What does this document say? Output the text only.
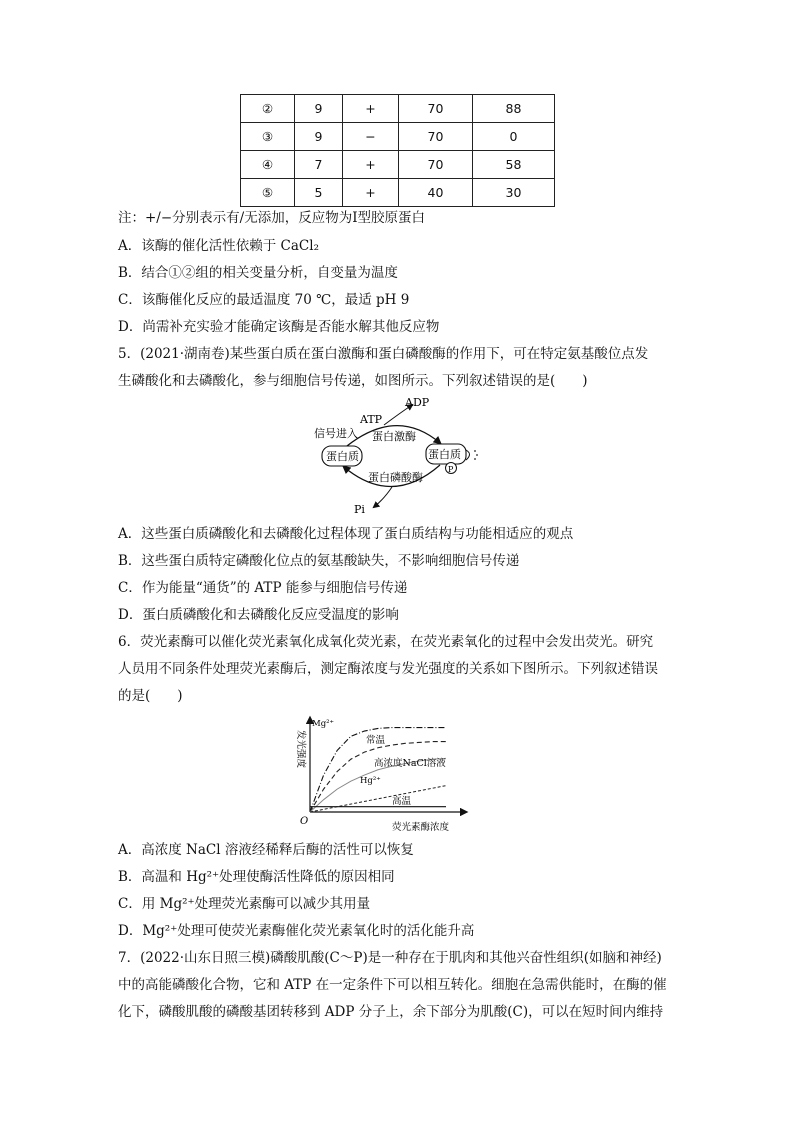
②	9	+	70	88
③	9	−	70	0
④	7	+	70	58
⑤	5	+	40	30
注：+/−分别表示有/无添加，反应物为Ⅰ型胶原蛋白
A．该酶的催化活性依赖于 CaCl₂
B．结合①②组的相关变量分析，自变量为温度
C．该酶催化反应的最适温度 70 ℃，最适 pH 9
D．尚需补充实验才能确定该酶是否能水解其他反应物
5．(2021·湖南卷)某些蛋白质在蛋白激酶和蛋白磷酸酶的作用下，可在特定氨基酸位点发
生磷酸化和去磷酸化，参与细胞信号传递，如图所示。下列叙述错误的是(　　)
ADP
ATP
信号进入 蛋白激酶
蛋白质	蛋白质
P
蛋白磷酸酶
Pi
A．这些蛋白质磷酸化和去磷酸化过程体现了蛋白质结构与功能相适应的观点
B．这些蛋白质特定磷酸化位点的氨基酸缺失，不影响细胞信号传递
C．作为能量“通货”的 ATP 能参与细胞信号传递
D．蛋白质磷酸化和去磷酸化反应受温度的影响
6．荧光素酶可以催化荧光素氧化成氧化荧光素，在荧光素氧化的过程中会发出荧光。研究
人员用不同条件处理荧光素酶后，测定酶浓度与发光强度的关系如下图所示。下列叙述错误
的是(　　)
O
荧光素酶浓度
发光强度
Mg²⁺
常温
高浓度NaCl溶液
Hg²⁺
高温
A．高浓度 NaCl 溶液经稀释后酶的活性可以恢复
B．高温和 Hg²⁺处理使酶活性降低的原因相同
C．用 Mg²⁺处理荧光素酶可以减少其用量
D．Mg²⁺处理可使荧光素酶催化荧光素氧化时的活化能升高
7．(2022·山东日照三模)磷酸肌酸(C～P)是一种存在于肌肉和其他兴奋性组织(如脑和神经)
中的高能磷酸化合物，它和 ATP 在一定条件下可以相互转化。细胞在急需供能时，在酶的催
化下，磷酸肌酸的磷酸基团转移到 ADP 分子上，余下部分为肌酸(C)，可以在短时间内维持
